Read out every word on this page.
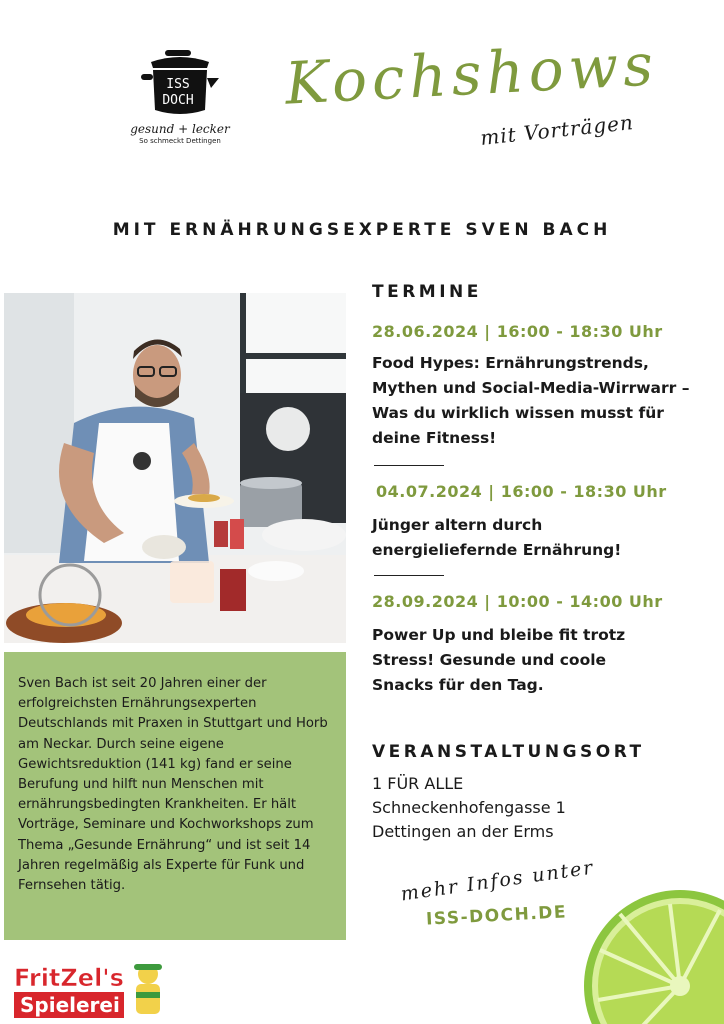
ISS
DOCH
gesund + lecker
So schmeckt Dettingen
Kochshows
mit Vorträgen
MIT ERNÄHRUNGSEXPERTE SVEN BACH

Sven Bach ist seit 20 Jahren einer der erfolgreichsten Ernährungsexperten Deutschlands mit Praxen in Stuttgart und Horb am Neckar. Durch seine eigene Gewichtsreduktion (141 kg) fand er seine Berufung und hilft nun Menschen mit ernährungsbedingten Krankheiten. Er hält Vorträge, Seminare und Kochworkshops zum Thema „Gesunde Ernährung“ und ist seit 14 Jahren regelmäßig als Experte für Funk und Fernsehen tätig.

TERMINE
28.06.2024 | 16:00 - 18:30 Uhr
Food Hypes: Ernährungstrends, Mythen und Social-Media-Wirrwarr – Was du wirklich wissen musst für deine Fitness!
04.07.2024 | 16:00 - 18:30 Uhr
Jünger altern durch energieliefernde Ernährung!
28.09.2024 | 10:00 - 14:00 Uhr
Power Up und bleibe fit trotz Stress! Gesunde und coole Snacks für den Tag.
VERANSTALTUNGSORT
1 FÜR ALLE
Schneckenhofengasse 1
Dettingen an der Erms
mehr Infos unter
ISS-DOCH.DE
FritZel's
Spielerei
